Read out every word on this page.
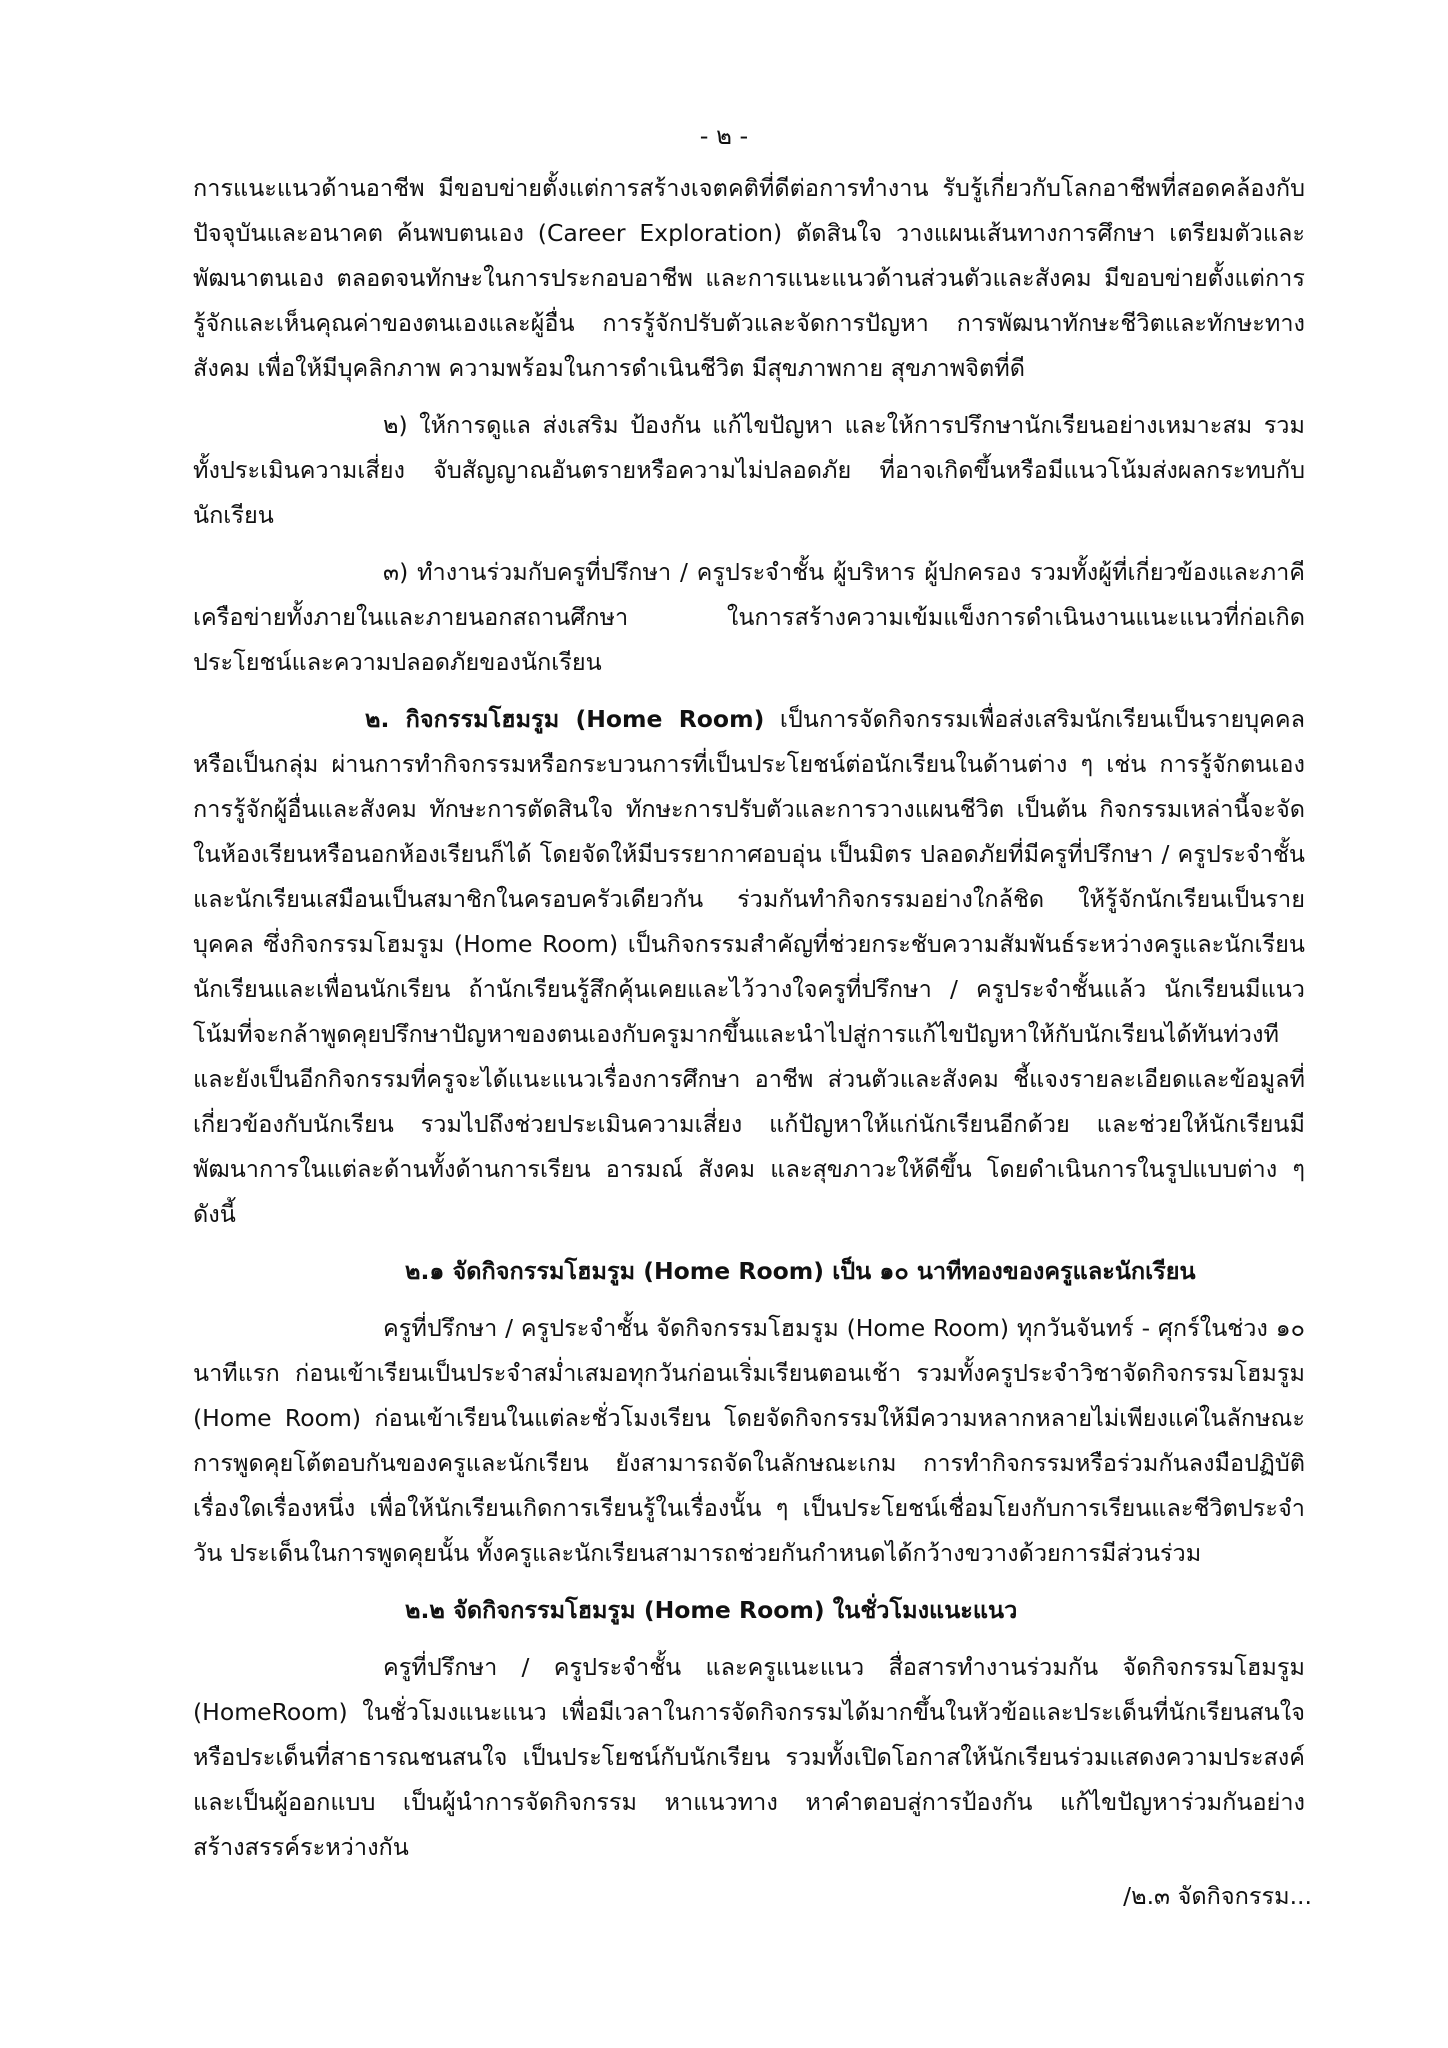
- ๒ -

การแนะแนวด้านอาชีพ มีขอบข่ายตั้งแต่การสร้างเจตคติที่ดีต่อการทำงาน รับรู้เกี่ยวกับโลกอาชีพที่สอดคล้องกับปัจจุบันและอนาคต ค้นพบตนเอง (Career Exploration) ตัดสินใจ วางแผนเส้นทางการศึกษา เตรียมตัวและพัฒนาตนเอง ตลอดจนทักษะในการประกอบอาชีพ และการแนะแนวด้านส่วนตัวและสังคม มีขอบข่ายตั้งแต่การรู้จักและเห็นคุณค่าของตนเองและผู้อื่น การรู้จักปรับตัวและจัดการปัญหา การพัฒนาทักษะชีวิตและทักษะทางสังคม เพื่อให้มีบุคลิกภาพ ความพร้อมในการดำเนินชีวิต มีสุขภาพกาย สุขภาพจิตที่ดี

๒) ให้การดูแล ส่งเสริม ป้องกัน แก้ไขปัญหา และให้การปรึกษานักเรียนอย่างเหมาะสม รวมทั้งประเมินความเสี่ยง จับสัญญาณอันตรายหรือความไม่ปลอดภัย ที่อาจเกิดขึ้นหรือมีแนวโน้มส่งผลกระทบกับนักเรียน

๓) ทำงานร่วมกับครูที่ปรึกษา / ครูประจำชั้น ผู้บริหาร ผู้ปกครอง รวมทั้งผู้ที่เกี่ยวข้องและภาคีเครือข่ายทั้งภายในและภายนอกสถานศึกษา ในการสร้างความเข้มแข็งการดำเนินงานแนะแนวที่ก่อเกิดประโยชน์และความปลอดภัยของนักเรียน

๒. กิจกรรมโฮมรูม (Home Room) เป็นการจัดกิจกรรมเพื่อส่งเสริมนักเรียนเป็นรายบุคคลหรือเป็นกลุ่ม ผ่านการทำกิจกรรมหรือกระบวนการที่เป็นประโยชน์ต่อนักเรียนในด้านต่าง ๆ เช่น การรู้จักตนเอง การรู้จักผู้อื่นและสังคม ทักษะการตัดสินใจ ทักษะการปรับตัวและการวางแผนชีวิต เป็นต้น กิจกรรมเหล่านี้จะจัดในห้องเรียนหรือนอกห้องเรียนก็ได้ โดยจัดให้มีบรรยากาศอบอุ่น เป็นมิตร ปลอดภัยที่มีครูที่ปรึกษา / ครูประจำชั้น และนักเรียนเสมือนเป็นสมาชิกในครอบครัวเดียวกัน ร่วมกันทำกิจกรรมอย่างใกล้ชิด ให้รู้จักนักเรียนเป็นรายบุคคล ซึ่งกิจกรรมโฮมรูม (Home Room) เป็นกิจกรรมสำคัญที่ช่วยกระชับความสัมพันธ์ระหว่างครูและนักเรียน นักเรียนและเพื่อนนักเรียน ถ้านักเรียนรู้สึกคุ้นเคยและไว้วางใจครูที่ปรึกษา / ครูประจำชั้นแล้ว นักเรียนมีแนวโน้มที่จะกล้าพูดคุยปรึกษาปัญหาของตนเองกับครูมากขึ้นและนำไปสู่การแก้ไขปัญหาให้กับนักเรียนได้ทันท่วงทีและยังเป็นอีกกิจกรรมที่ครูจะได้แนะแนวเรื่องการศึกษา อาชีพ ส่วนตัวและสังคม ชี้แจงรายละเอียดและข้อมูลที่เกี่ยวข้องกับนักเรียน รวมไปถึงช่วยประเมินความเสี่ยง แก้ปัญหาให้แก่นักเรียนอีกด้วย และช่วยให้นักเรียนมีพัฒนาการในแต่ละด้านทั้งด้านการเรียน อารมณ์ สังคม และสุขภาวะให้ดีขึ้น โดยดำเนินการในรูปแบบต่าง ๆ ดังนี้

๒.๑ จัดกิจกรรมโฮมรูม (Home Room) เป็น ๑๐ นาทีทองของครูและนักเรียน

ครูที่ปรึกษา / ครูประจำชั้น จัดกิจกรรมโฮมรูม (Home Room) ทุกวันจันทร์ - ศุกร์ในช่วง ๑๐ นาทีแรก ก่อนเข้าเรียนเป็นประจำสม่ำเสมอทุกวันก่อนเริ่มเรียนตอนเช้า รวมทั้งครูประจำวิชาจัดกิจกรรมโฮมรูม (Home Room) ก่อนเข้าเรียนในแต่ละชั่วโมงเรียน โดยจัดกิจกรรมให้มีความหลากหลายไม่เพียงแค่ในลักษณะการพูดคุยโต้ตอบกันของครูและนักเรียน ยังสามารถจัดในลักษณะเกม การทำกิจกรรมหรือร่วมกันลงมือปฏิบัติเรื่องใดเรื่องหนึ่ง เพื่อให้นักเรียนเกิดการเรียนรู้ในเรื่องนั้น ๆ เป็นประโยชน์เชื่อมโยงกับการเรียนและชีวิตประจำวัน ประเด็นในการพูดคุยนั้น ทั้งครูและนักเรียนสามารถช่วยกันกำหนดได้กว้างขวางด้วยการมีส่วนร่วม

๒.๒ จัดกิจกรรมโฮมรูม (Home Room) ในชั่วโมงแนะแนว

ครูที่ปรึกษา / ครูประจำชั้น และครูแนะแนว สื่อสารทำงานร่วมกัน จัดกิจกรรมโฮมรูม (HomeRoom) ในชั่วโมงแนะแนว เพื่อมีเวลาในการจัดกิจกรรมได้มากขึ้นในหัวข้อและประเด็นที่นักเรียนสนใจหรือประเด็นที่สาธารณชนสนใจ เป็นประโยชน์กับนักเรียน รวมทั้งเปิดโอกาสให้นักเรียนร่วมแสดงความประสงค์และเป็นผู้ออกแบบ เป็นผู้นำการจัดกิจกรรม หาแนวทาง หาคำตอบสู่การป้องกัน แก้ไขปัญหาร่วมกันอย่างสร้างสรรค์ระหว่างกัน

/๒.๓ จัดกิจกรรม...
